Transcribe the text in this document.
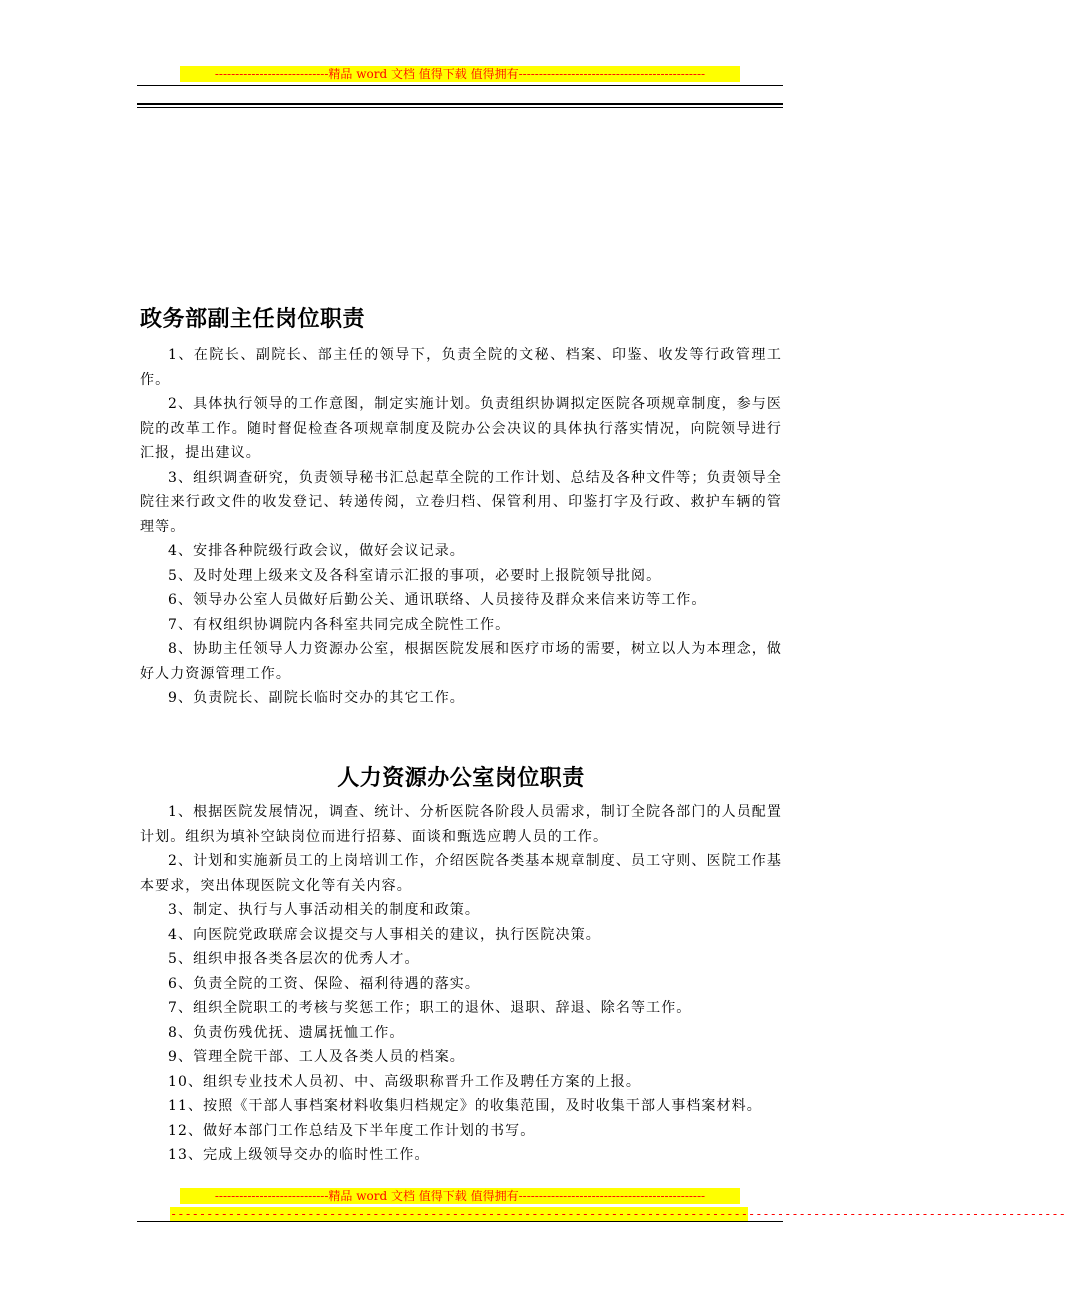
----------------------------精品 word 文档 值得下载 值得拥有----------------------------------------------
政务部副主任岗位职责
1、在院长、副院长、部主任的领导下，负责全院的文秘、档案、印鉴、收发等行政管理工作。
2、具体执行领导的工作意图，制定实施计划。负责组织协调拟定医院各项规章制度，参与医院的改革工作。随时督促检查各项规章制度及院办公会决议的具体执行落实情况，向院领导进行汇报，提出建议。
3、组织调查研究，负责领导秘书汇总起草全院的工作计划、总结及各种文件等；负责领导全院往来行政文件的收发登记、转递传阅，立卷归档、保管利用、印鉴打字及行政、救护车辆的管理等。
4、安排各种院级行政会议，做好会议记录。
5、及时处理上级来文及各科室请示汇报的事项，必要时上报院领导批阅。
6、领导办公室人员做好后勤公关、通讯联络、人员接待及群众来信来访等工作。
7、有权组织协调院内各科室共同完成全院性工作。
8、协助主任领导人力资源办公室，根据医院发展和医疗市场的需要，树立以人为本理念，做好人力资源管理工作。
9、负责院长、副院长临时交办的其它工作。
人力资源办公室岗位职责
1、根据医院发展情况，调查、统计、分析医院各阶段人员需求，制订全院各部门的人员配置计划。组织为填补空缺岗位而进行招募、面谈和甄选应聘人员的工作。
2、计划和实施新员工的上岗培训工作，介绍医院各类基本规章制度、员工守则、医院工作基本要求，突出体现医院文化等有关内容。
3、制定、执行与人事活动相关的制度和政策。
4、向医院党政联席会议提交与人事相关的建议，执行医院决策。
5、组织申报各类各层次的优秀人才。
6、负责全院的工资、保险、福利待遇的落实。
7、组织全院职工的考核与奖惩工作；职工的退休、退职、辞退、除名等工作。
8、负责伤残优抚、遗属抚恤工作。
9、管理全院干部、工人及各类人员的档案。
10、组织专业技术人员初、中、高级职称晋升工作及聘任方案的上报。
11、按照《干部人事档案材料收集归档规定》的收集范围，及时收集干部人事档案材料。
12、做好本部门工作总结及下半年度工作计划的书写。
13、完成上级领导交办的临时性工作。
----------------------------精品 word 文档 值得下载 值得拥有----------------------------------------------
----------------------------------------------------------------------------------------------------------------------------
